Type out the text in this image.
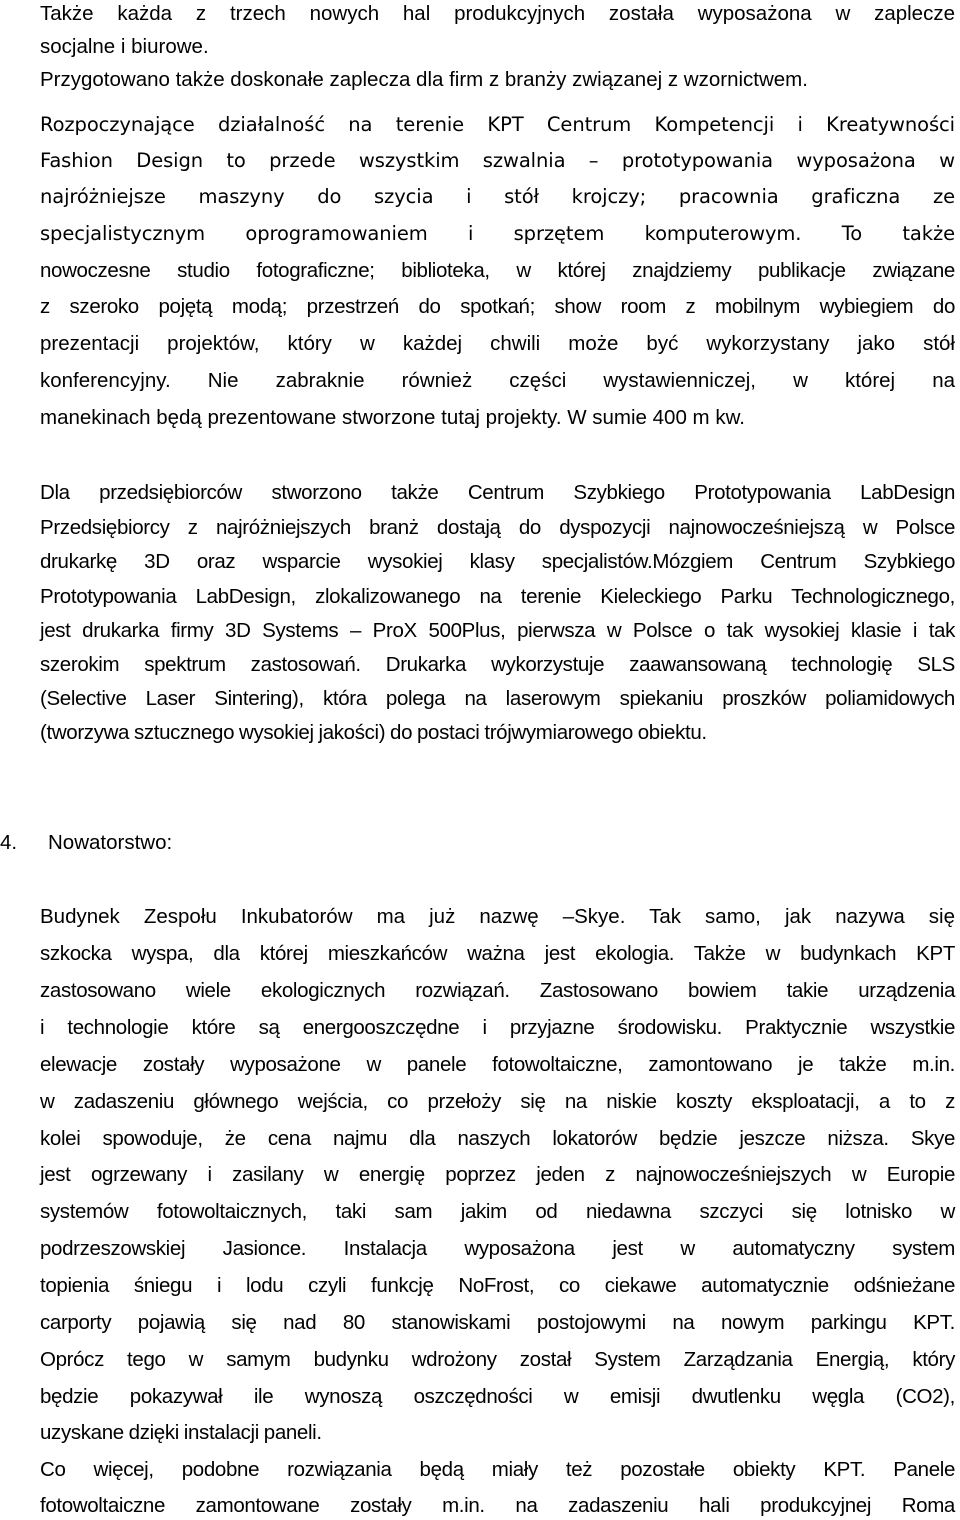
Także każda z trzech nowych hal produkcyjnych została wyposażona w zaplecze
socjalne i biurowe.
Przygotowano także doskonałe zaplecza dla firm z branży związanej z wzornictwem.
Rozpoczynające działalność na terenie KPT Centrum Kompetencji i Kreatywności
Fashion Design to przede wszystkim szwalnia – prototypowania wyposażona w
najróżniejsze maszyny do szycia i stół krojczy; pracownia graficzna ze
specjalistycznym oprogramowaniem i sprzętem komputerowym. To także
nowoczesne studio fotograficzne; biblioteka, w której znajdziemy publikacje związane
z szeroko pojętą modą; przestrzeń do spotkań; show room z mobilnym wybiegiem do
prezentacji projektów, który w każdej chwili może być wykorzystany jako stół
konferencyjny. Nie zabraknie również części wystawienniczej, w której na
manekinach będą prezentowane stworzone tutaj projekty. W sumie 400 m kw.
Dla przedsiębiorców stworzono także Centrum Szybkiego Prototypowania LabDesign
Przedsiębiorcy z najróżniejszych branż dostają do dyspozycji najnowocześniejszą w Polsce
drukarkę 3D oraz wsparcie wysokiej klasy specjalistów.Mózgiem Centrum Szybkiego
Prototypowania LabDesign, zlokalizowanego na terenie Kieleckiego Parku Technologicznego,
jest drukarka firmy 3D Systems – ProX 500Plus, pierwsza w Polsce o tak wysokiej klasie i tak
szerokim spektrum zastosowań. Drukarka wykorzystuje zaawansowaną technologię SLS
(Selective Laser Sintering), która polega na laserowym spiekaniu proszków poliamidowych
(tworzywa sztucznego wysokiej jakości) do postaci trójwymiarowego obiektu.
4. Nowatorstwo:
Budynek Zespołu Inkubatorów ma już nazwę –Skye. Tak samo, jak nazywa się
szkocka wyspa, dla której mieszkańców ważna jest ekologia. Także w budynkach KPT
zastosowano wiele ekologicznych rozwiązań. Zastosowano bowiem takie urządzenia
i technologie które są energooszczędne i przyjazne środowisku. Praktycznie wszystkie
elewacje zostały wyposażone w panele fotowoltaiczne, zamontowano je także m.in.
w zadaszeniu głównego wejścia, co przełoży się na niskie koszty eksploatacji, a to z
kolei spowoduje, że cena najmu dla naszych lokatorów będzie jeszcze niższa. Skye
jest ogrzewany i zasilany w energię poprzez jeden z najnowocześniejszych w Europie
systemów fotowoltaicznych, taki sam jakim od niedawna szczyci się lotnisko w
podrzeszowskiej Jasionce. Instalacja wyposażona jest w automatyczny system
topienia śniegu i lodu czyli funkcję NoFrost, co ciekawe automatycznie odśnieżane
carporty pojawią się nad 80 stanowiskami postojowymi na nowym parkingu KPT.
Oprócz tego w samym budynku wdrożony został System Zarządzania Energią, który
będzie pokazywał ile wynoszą oszczędności w emisji dwutlenku węgla (CO2),
uzyskane dzięki instalacji paneli.
Co więcej, podobne rozwiązania będą miały też pozostałe obiekty KPT. Panele
fotowoltaiczne zamontowane zostały m.in. na zadaszeniu hali produkcyjnej Roma
